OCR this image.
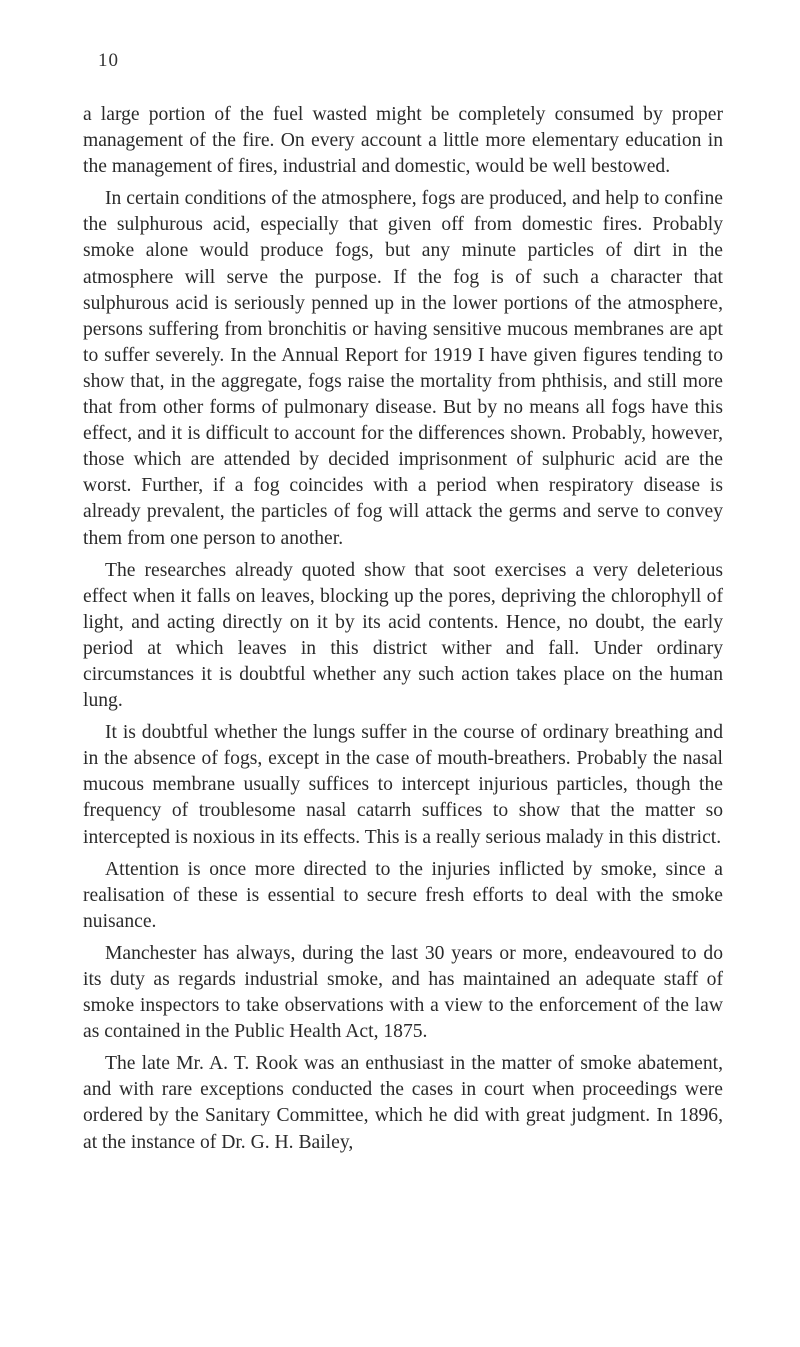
10

a large portion of the fuel wasted might be completely consumed by proper management of the fire. On every account a little more elementary education in the management of fires, industrial and domestic, would be well bestowed.

In certain conditions of the atmosphere, fogs are produced, and help to confine the sulphurous acid, especially that given off from domestic fires. Probably smoke alone would produce fogs, but any minute particles of dirt in the atmosphere will serve the purpose. If the fog is of such a character that sulphurous acid is seriously penned up in the lower portions of the atmosphere, persons suffering from bronchitis or having sensitive mucous membranes are apt to suffer severely. In the Annual Report for 1919 I have given figures tending to show that, in the aggregate, fogs raise the mortality from phthisis, and still more that from other forms of pulmonary disease. But by no means all fogs have this effect, and it is difficult to account for the differences shown. Probably, however, those which are attended by decided imprisonment of sulphuric acid are the worst. Further, if a fog coincides with a period when respiratory disease is already prevalent, the particles of fog will attack the germs and serve to convey them from one person to another.

The researches already quoted show that soot exercises a very deleterious effect when it falls on leaves, blocking up the pores, depriving the chlorophyll of light, and acting directly on it by its acid contents. Hence, no doubt, the early period at which leaves in this district wither and fall. Under ordinary circumstances it is doubtful whether any such action takes place on the human lung.

It is doubtful whether the lungs suffer in the course of ordinary breathing and in the absence of fogs, except in the case of mouth-breathers. Probably the nasal mucous membrane usually suffices to intercept injurious particles, though the frequency of troublesome nasal catarrh suffices to show that the matter so intercepted is noxious in its effects. This is a really serious malady in this district.

Attention is once more directed to the injuries inflicted by smoke, since a realisation of these is essential to secure fresh efforts to deal with the smoke nuisance.

Manchester has always, during the last 30 years or more, endeavoured to do its duty as regards industrial smoke, and has maintained an adequate staff of smoke inspectors to take observations with a view to the enforcement of the law as contained in the Public Health Act, 1875.

The late Mr. A. T. Rook was an enthusiast in the matter of smoke abatement, and with rare exceptions conducted the cases in court when proceedings were ordered by the Sanitary Committee, which he did with great judgment. In 1896, at the instance of Dr. G. H. Bailey,
